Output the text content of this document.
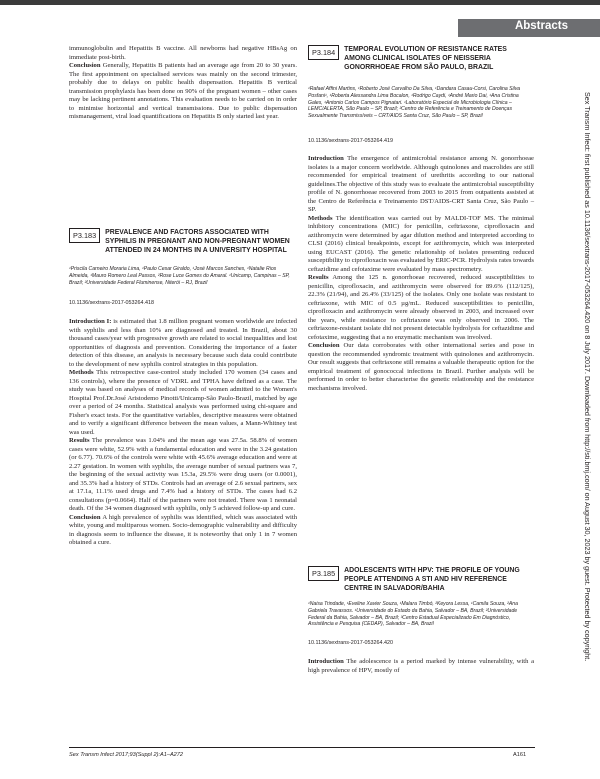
Abstracts

immunoglobulin and Hepatitis B vaccine. All newborns had negative HBsAg on immediate post-birth.

Conclusion Generally, Hepatitis B patients had an average age from 20 to 30 years. The first appointment on specialised services was mainly on the second trimester, probably due to delays on public health dispensation. Hepatitis B vertical transmission prophylaxis has been done on 90% of the pregnant women – other cases may be lacking pertinent annotations. This evaluation needs to be carried on in order to minimise horizontal and vertical transmissions. Due to public dispensation mismanagement, viral load quantifications on Hepatitis B only started last year.

P3.183	PREVALENCE AND FACTORS ASSOCIATED WITH SYPHILIS IN PREGNANT AND NON-PREGNANT WOMEN ATTENDED IN 24 MONTHS IN A UNIVERSITY HOSPITAL
¹Priscila Carneiro Moraria Lima, ¹Paulo Cesar Giraldo, ¹José Marcos Sanches, ¹Natalie Rios Almeida, ¹Mauro Romero Leal Passos, ²Rose Luce Gomes do Amaral. ¹Unicamp, Campinas – SP, Brazil; ²Universidade Federal Fluminense, Niterói – RJ, Brazil
10.1136/sextrans-2017-053264.418

Introduction I: is estimated that 1.8 million pregnant women worldwide are infected with syphilis and less than 10% are diagnosed and treated. In Brazil, about 30 thousand cases/year with progressive growth are related to social inequalities and lost opportunities of diagnosis and prevention. Considering the importance of a faster detection of this disease, an analysis is necessary because such data could contribute to the development of new syphilis control strategies in this population.

Methods This retrospective case-control study included 170 women (34 cases and 136 controls), where the presence of VDRL and TPHA have defined as a case. The study was based on analyses of medical records of women admitted to the Women's Hospital Prof.Dr.José Aristodemo Pinotti/Unicamp-São Paulo-Brazil, matched by age over a period of 24 months. Statistical analysis was performed using chi-square and Fisher's exact tests. For the quantitative variables, descriptive measures were obtained and to verify a significant difference between the mean values, a Mann-Whitney test was used.

Results The prevalence was 1.04% and the mean age was 27.5a. 58.8% of women cases were white, 52.9% with a fundamental education and were in the 3.24 gestation (or 6.77). 70.6% of the controls were white with 45.6% average education and were at 2.27 gestation. In women with syphilis, the average number of sexual partners was 7, the beginning of the sexual activity was 15.3a, 29.5% were drug users (or 0.0001), and 35.3% had a history of STDs. Controls had an average of 2.6 sexual partners, sex at 17.1a, 11.1% used drugs and 7.4% had a history of STDs. The cases had 6.2 consultations (p=0.0664). Half of the partners were not treated. There was 1 neonatal death. Of the 34 women diagnosed with syphilis, only 5 achieved follow-up and cure.

Conclusion A high prevalence of syphilis was identified, which was associated with white, young and multiparous women. Socio-demographic vulnerability and difficulty in diagnosis seem to influence the disease, it is noteworthy that only 1 in 7 women obtained a cure.

P3.184	TEMPORAL EVOLUTION OF RESISTANCE RATES AMONG CLINICAL ISOLATES OF NEISSERIA GONORRHOEAE FROM SÃO PAULO, BRAZIL
¹Rafael Affini Martins, ¹Roberto José Carvalho Da Silva, ¹Dandara Casau-Corsi, Carolina Silva Posfani¹, ¹Roberta Alessandra Lima Bocalon, ¹Rodrigo Caydi, ¹André Mario Dai, ¹Ana Cristina Gales, ¹Antonio Carlos Campos Pignatari. ¹Laboratório Especial de Microbiologia Clínica – LEMC/ALERTA, São Paulo – SP, Brazil; ²Centro de Referência e Treinamento de Doenças Sexualmente Transmissíveis – CRT/AIDS Santa Cruz, São Paulo – SP, Brazil
10.1136/sextrans-2017-053264.419

Introduction The emergence of antimicrobial resistance among N. gonorrhoeae isolates is a major concern worldwide. Although quinolones and macrolides are still recommended for empirical treatment of urethritis according to our national guidelines.The objective of this study was to evaluate the antimicrobial susceptibility profile of N. gonorrhoeae recovered from 2003 to 2015 from outpatients assisted at the Centro de Referência e Treinamento DST/AIDS-CRT Santa Cruz, São Paulo – SP.

Methods The identification was carried out by MALDI-TOF MS. The minimal inhibitory concentrations (MIC) for penicillin, ceftriaxone, ciprofloxacin and azithromycin were determined by agar dilution method and interpreted according to CLSI (2016) clinical breakpoints, except for azithromycin, which was interpreted using EUCAST (2016). The genetic relationship of isolates presenting reduced susceptibility to ciprofloxacin was evaluated by ERIC-PCR. Hydrolysis rates towards ceftazidime and cefotaxime were evaluated by mass spectrometry.

Results Among the 125 n. gonorrhoeae recovered, reduced susceptibilities to penicillin, ciprofloxacin, and azithromycin were observed for 89.6% (112/125), 22.3% (21/94), and 26.4% (33/125) of the isolates. Only one isolate was resistant to ceftriaxone, with MIC of 0.5 µg/mL. Reduced susceptibilities to penicillin, ciprofloxacin and azithromycin were already observed in 2003, and increased over the years, while resistance to ceftriaxone was only observed in 2006. The ceftriaxone-resistant isolate did not present detectable hydrolysis for ceftazidime and cefotaxime, suggesting that a no enzymatic mechanism was involved.

Conclusion Our data corroborates with other international series and pose in question the recommended syndromic treatment with quinolones and azithromycin. Our result suggests that ceftriaxone still remains a valuable therapeutic option for the empirical treatment of gonococcal infections in Brazil. Further analysis will be performed in order to better characterise the genetic relationship and the resistance mechanisms involved.

P3.185	ADOLESCENTS WITH HPV: THE PROFILE OF YOUNG PEOPLE ATTENDING A STI AND HIV REFERENCE CENTRE IN SALVADOR/BAHIA
¹Naisa Trindade, ¹Eveline Xavier Souza, ¹Malara Timbó, ²Keyora Lessa, ¹Camila Souza, ²Ana Gabriela Travassos. ¹Universidade do Estado da Bahia, Salvador – BA, Brazil; ²Universidade Federal da Bahia, Salvador – BA, Brazil; ³Centro Estadual Especializado Em Diagnóstico, Assistência e Pesquisa (CEDAP), Salvador – BA, Brazil
10.1136/sextrans-2017-053264.420

Introduction The adolescence is a period marked by intense vulnerability, with a high prevalence of HPV, mostly of

Sex Transm Infect: first published as 10.1136/sextrans-2017-053264.420 on 8 July 2017. Downloaded from http://sti.bmj.com/ on August 30, 2023 by guest. Protected by copyright.
Sex Transm Infect 2017;93(Suppl 2):A1–A272	A161
